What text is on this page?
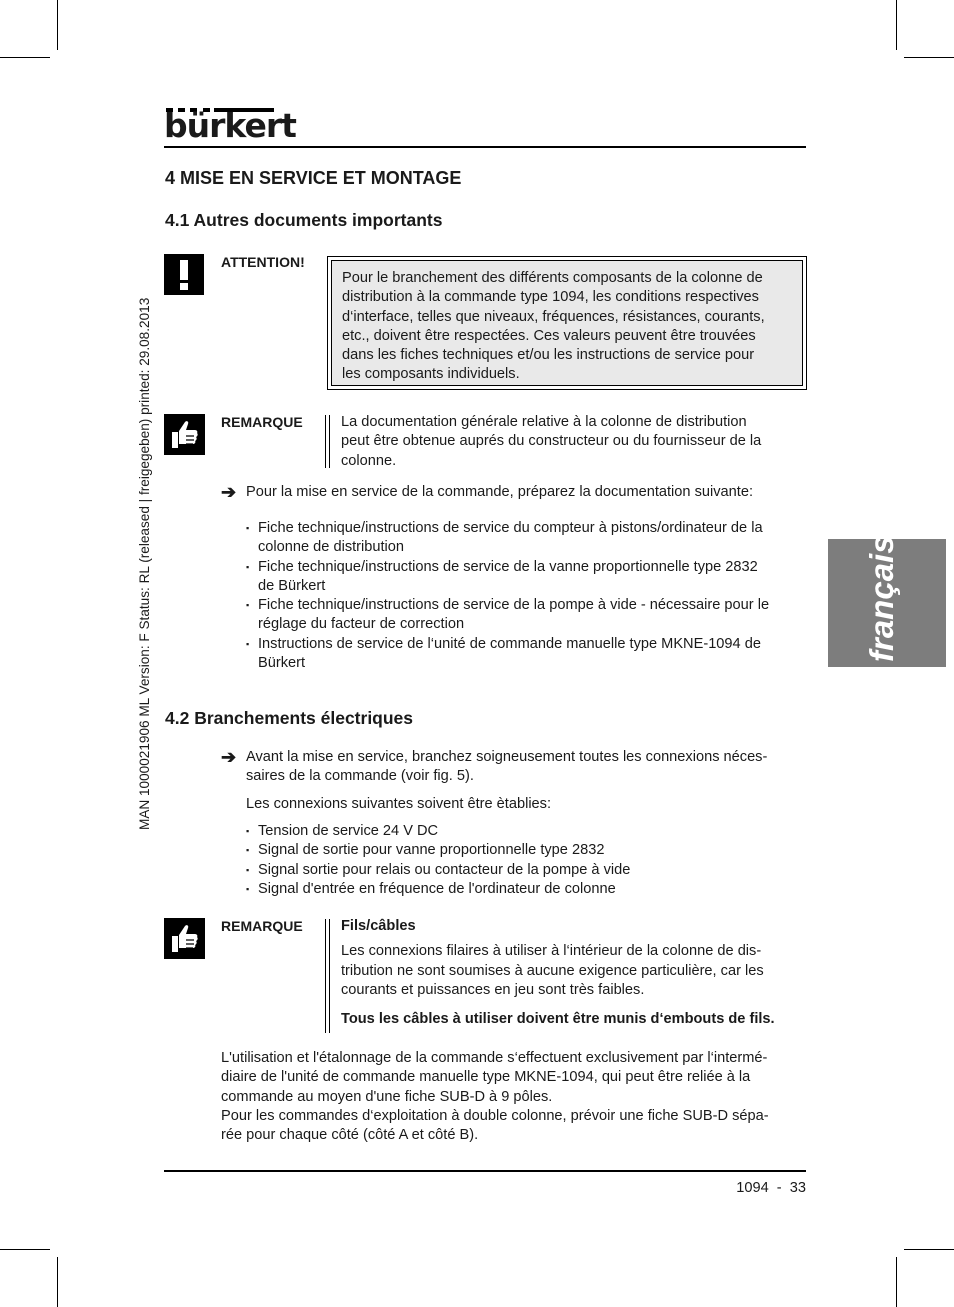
bürkert
MAN 1000021906 ML Version: F Status: RL (released | freigegeben) printed: 29.08.2013	français
4 MISE EN SERVICE ET MONTAGE
4.1 Autres documents importants
ATTENTION!
Pour le branchement des différents composants de la colonne de
distribution à la commande type 1094, les conditions respectives
d‘interface, telles que niveaux, fréquences, résistances, courants,
etc., doivent être respectées. Ces valeurs peuvent être trouvées
dans les fiches techniques et/ou les instructions de service pour
les composants individuels.
REMARQUE	La documentation générale relative à la colonne de distribution
peut être obtenue auprés du constructeur ou du fournisseur de la
colonne.
➔ Pour la mise en service de la commande, préparez la documentation suivante:
▪ Fiche technique/instructions de service du compteur à pistons/ordinateur de la
colonne de distribution
▪ Fiche technique/instructions de service de la vanne proportionnelle type 2832
de Bürkert
▪ Fiche technique/instructions de service de la pompe à vide - nécessaire pour le
réglage du facteur de correction
▪ Instructions de service de l‘unité de commande manuelle type MKNE-1094 de
Bürkert
4.2 Branchements électriques
➔ Avant la mise en service, branchez soigneusement toutes les connexions néces-
saires de la commande (voir fig. 5).
Les connexions suivantes soivent être ètablies:
▪ Tension de service 24 V DC
▪ Signal de sortie pour vanne proportionnelle type 2832
▪ Signal sortie pour relais ou contacteur de la pompe à vide
▪ Signal d'entrée en fréquence de l'ordinateur de colonne
REMARQUE	Fils/câbles
Les connexions filaires à utiliser à l‘intérieur de la colonne de dis-
tribution ne sont soumises à aucune exigence particulière, car les
courants et puissances en jeu sont très faibles.
Tous les câbles à utiliser doivent être munis d‘embouts de fils.
L'utilisation et l'étalonnage de la commande s‘effectuent exclusivement par l‘intermé-
diaire de l'unité de commande manuelle type MKNE-1094, qui peut être reliée à la
commande au moyen d'une fiche SUB-D à 9 pôles.
Pour les commandes d‘exploitation à double colonne, prévoir une fiche SUB-D sépa-
rée pour chaque côté (côté A et côté B).
1094  -  33
